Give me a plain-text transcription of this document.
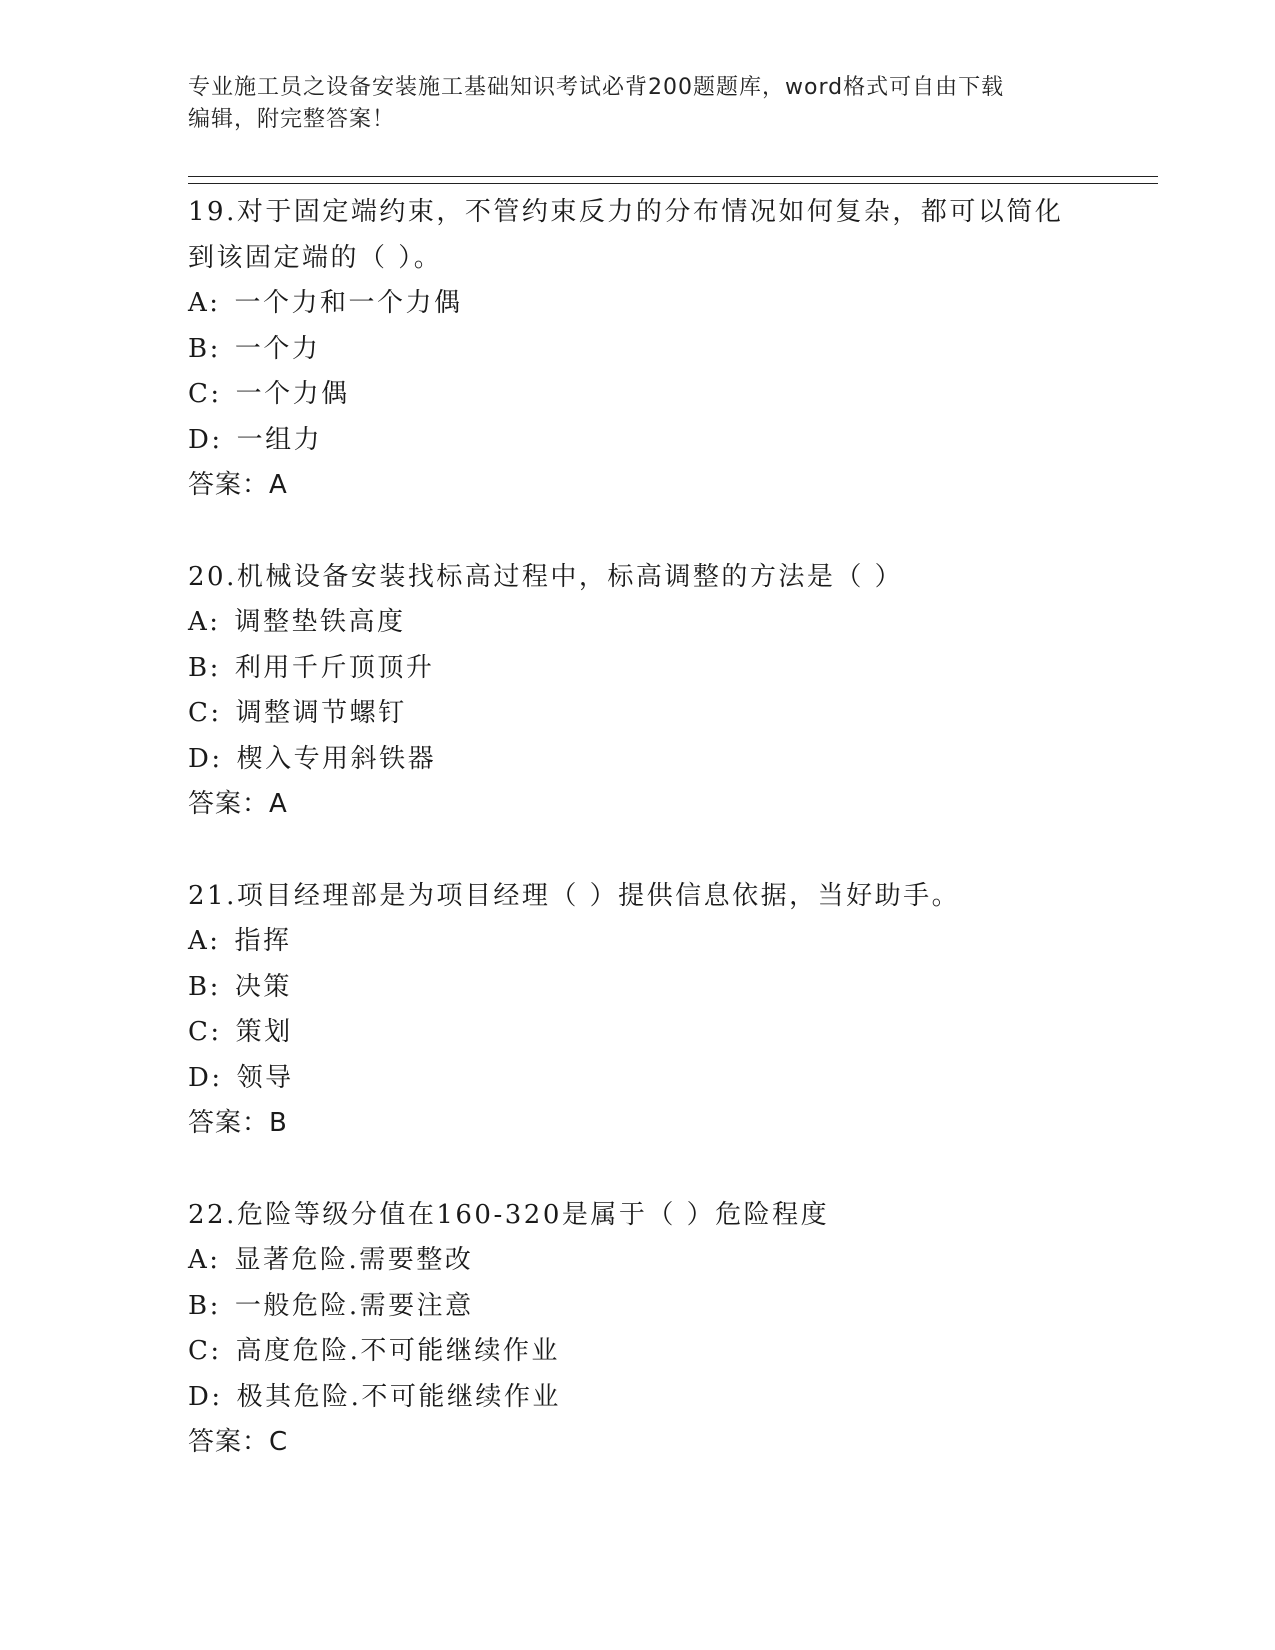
专业施工员之设备安装施工基础知识考试必背200题题库，word格式可自由下载
编辑，附完整答案！
19.对于固定端约束，不管约束反力的分布情况如何复杂，都可以简化
到该固定端的（ ）。
A: 一个力和一个力偶
B: 一个力
C: 一个力偶
D: 一组力
答案：A
20.机械设备安装找标高过程中，标高调整的方法是（ ）
A: 调整垫铁高度
B: 利用千斤顶顶升
C: 调整调节螺钉
D: 楔入专用斜铁器
答案：A
21.项目经理部是为项目经理（ ）提供信息依据，当好助手。
A: 指挥
B: 决策
C: 策划
D: 领导
答案：B
22.危险等级分值在160-320是属于（ ）危险程度
A: 显著危险.需要整改
B: 一般危险.需要注意
C: 高度危险.不可能继续作业
D: 极其危险.不可能继续作业
答案：C
